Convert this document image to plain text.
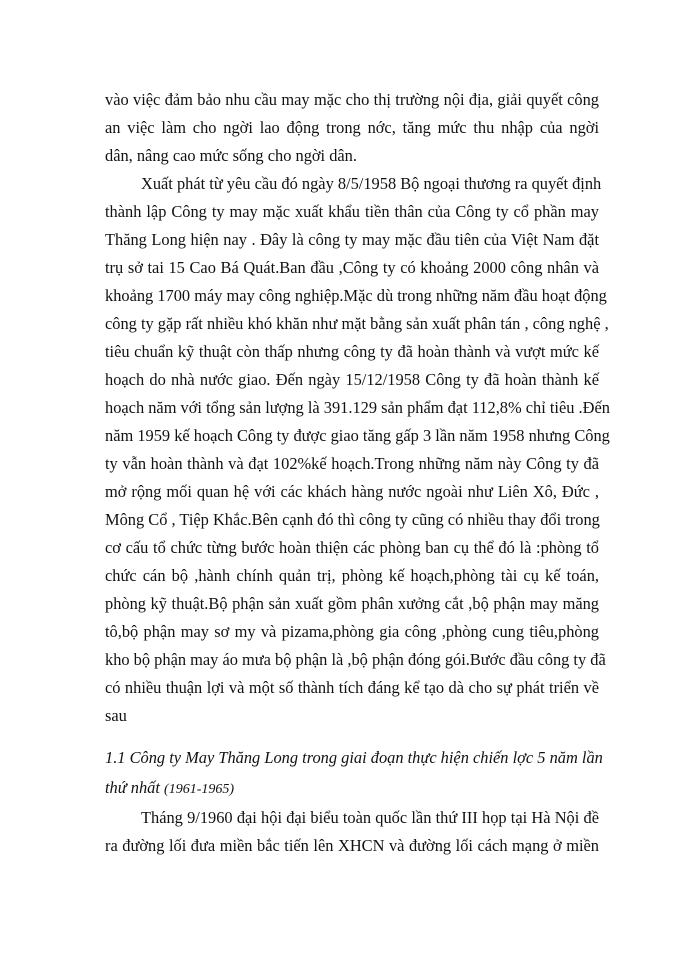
vào việc đảm bảo nhu cầu may mặc cho thị trường nội địa, giải quyết công
an việc làm cho ngời lao động trong nớc, tăng mức thu nhập của ngời
dân, nâng cao mức sống cho ngời dân.
Xuất phát từ yêu cầu đó ngày 8/5/1958 Bộ ngoại thương ra quyết định
thành lập Công ty may mặc xuất khẩu tiền thân của Công ty cổ phần may
Thăng Long hiện nay . Đây là công ty may mặc đầu tiên của Việt Nam đặt
trụ sở tai 15 Cao Bá Quát.Ban đầu ,Công ty có khoảng 2000 công nhân và
khoảng 1700 máy may công nghiệp.Mặc dù trong những năm đầu hoạt động
công ty gặp rất nhiều khó khăn như mặt bằng sản xuất phân tán , công nghệ ,
tiêu chuẩn kỹ thuật còn thấp nhưng công ty đã hoàn thành và vượt mức kế
hoạch do nhà nước giao. Đến ngày 15/12/1958 Công ty đã hoàn thành kế
hoạch năm với tổng sản lượng là 391.129 sản phẩm đạt 112,8% chỉ tiêu .Đến
năm 1959 kế hoạch Công ty được giao tăng gấp 3 lần năm 1958 nhưng Công
ty vẫn hoàn thành và đạt 102%kế hoạch.Trong những năm này Công ty đã
mở rộng mối quan hệ với các khách hàng nước ngoài như Liên Xô, Đức ,
Mông Cổ , Tiệp Khắc.Bên cạnh đó thì công ty cũng có nhiều thay đổi trong
cơ cấu tổ chức từng bước hoàn thiện các phòng ban cụ thể đó là :phòng tổ
chức cán bộ ,hành chính quản trị, phòng kế hoạch,phòng tài cụ kế toán,
phòng kỹ thuật.Bộ phận sản xuất gồm phân xưởng cắt ,bộ phận may măng
tô,bộ phận may sơ my và pizama,phòng gia công ,phòng cung tiêu,phòng
kho bộ phận may áo mưa bộ phận là ,bộ phận đóng gói.Bước đầu công ty đã
có nhiều thuận lợi và một số thành tích đáng kể tạo dà cho sự phát triển về
sau
1.1 Công ty May Thăng Long trong giai đoạn thực hiện chiến lợc 5 năm lần
thứ nhất (1961-1965)
Tháng 9/1960 đại hội đại biểu toàn quốc lần thứ III họp tại Hà Nội đề
ra đường lối đưa miền bắc tiến lên XHCN và đường lối cách mạng ở miền
